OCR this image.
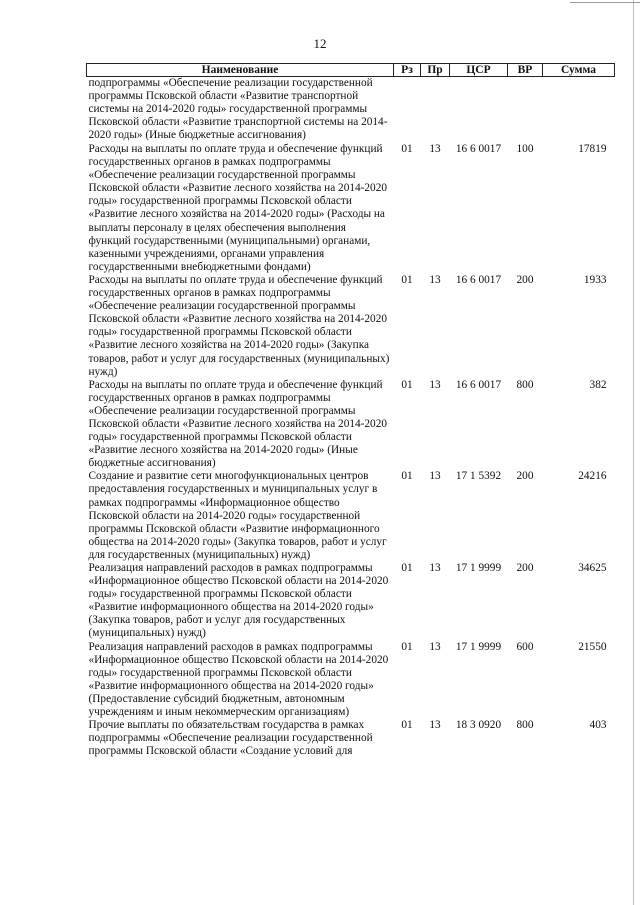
12
Наименование	Рз	Пр	ЦСР	ВР	Сумма
подпрограммы «Обеспечение реализации государственной программы Псковской области «Развитие транспортной системы на 2014-2020 годы» государственной программы Псковской области «Развитие транспортной системы на 2014-2020 годы» (Иные бюджетные ассигнования)					
Расходы на выплаты по оплате труда и обеспечение функций государственных органов в рамках подпрограммы «Обеспечение реализации государственной программы Псковской области «Развитие лесного хозяйства на 2014-2020 годы» государственной программы Псковской области «Развитие лесного хозяйства на 2014-2020 годы» (Расходы на выплаты персоналу в целях обеспечения выполнения функций государственными (муниципальными) органами, казенными учреждениями, органами управления государственными внебюджетными фондами)	01	13	16 6 0017	100	17819
Расходы на выплаты по оплате труда и обеспечение функций государственных органов в рамках подпрограммы «Обеспечение реализации государственной программы Псковской области «Развитие лесного хозяйства на 2014-2020 годы» государственной программы Псковской области «Развитие лесного хозяйства на 2014-2020 годы» (Закупка товаров, работ и услуг для государственных (муниципальных) нужд)	01	13	16 6 0017	200	1933
Расходы на выплаты по оплате труда и обеспечение функций государственных органов в рамках подпрограммы «Обеспечение реализации государственной программы Псковской области «Развитие лесного хозяйства на 2014-2020 годы» государственной программы Псковской области «Развитие лесного хозяйства на 2014-2020 годы» (Иные бюджетные ассигнования)	01	13	16 6 0017	800	382
Создание и развитие сети многофункциональных центров предоставления государственных и муниципальных услуг в рамках подпрограммы «Информационное общество Псковской области на 2014-2020 годы» государственной программы Псковской области «Развитие информационного общества на 2014-2020 годы» (Закупка товаров, работ и услуг для государственных (муниципальных) нужд)	01	13	17 1 5392	200	24216
Реализация направлений расходов в рамках подпрограммы «Информационное общество Псковской области на 2014-2020 годы» государственной программы Псковской области «Развитие информационного общества на 2014-2020 годы» (Закупка товаров, работ и услуг для государственных (муниципальных) нужд)	01	13	17 1 9999	200	34625
Реализация направлений расходов в рамках подпрограммы «Информационное общество Псковской области на 2014-2020 годы» государственной программы Псковской области «Развитие информационного общества на 2014-2020 годы» (Предоставление субсидий бюджетным, автономным учреждениям и иным некоммерческим организациям)	01	13	17 1 9999	600	21550
Прочие выплаты по обязательствам государства в рамках подпрограммы «Обеспечение реализации государственной программы Псковской области «Создание условий для	01	13	18 3 0920	800	403
